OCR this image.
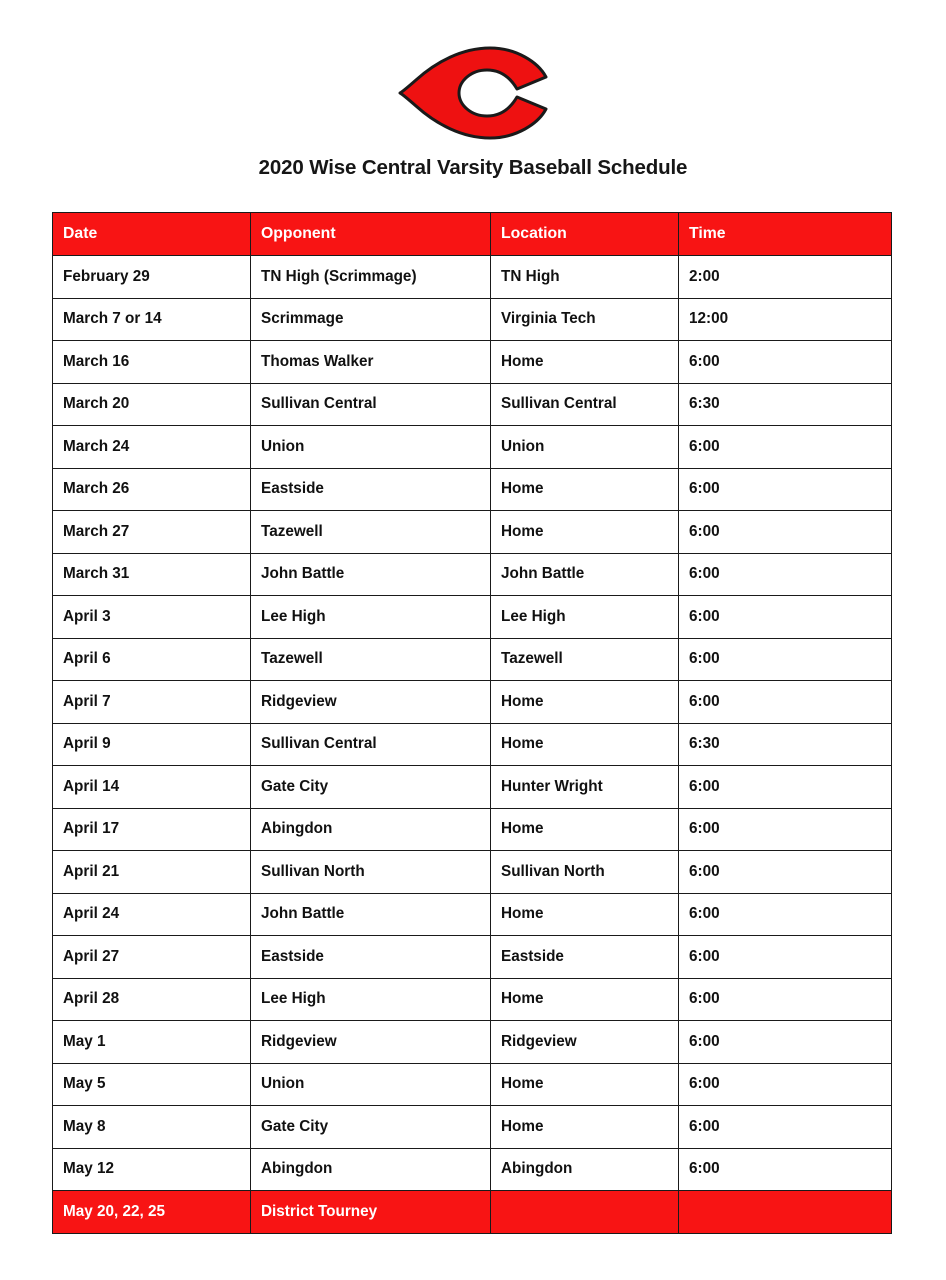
2020 Wise Central Varsity Baseball Schedule
Date	Opponent	Location	Time
February 29	TN High (Scrimmage)	TN High	2:00
March 7 or 14	Scrimmage	Virginia Tech	12:00
March 16	Thomas Walker	Home	6:00
March 20	Sullivan Central	Sullivan Central	6:30
March 24	Union	Union	6:00
March 26	Eastside	Home	6:00
March 27	Tazewell	Home	6:00
March 31	John Battle	John Battle	6:00
April 3	Lee High	Lee High	6:00
April 6	Tazewell	Tazewell	6:00
April 7	Ridgeview	Home	6:00
April 9	Sullivan Central	Home	6:30
April 14	Gate City	Hunter Wright	6:00
April 17	Abingdon	Home	6:00
April 21	Sullivan North	Sullivan North	6:00
April 24	John Battle	Home	6:00
April 27	Eastside	Eastside	6:00
April 28	Lee High	Home	6:00
May 1	Ridgeview	Ridgeview	6:00
May 5	Union	Home	6:00
May 8	Gate City	Home	6:00
May 12	Abingdon	Abingdon	6:00
May 20, 22, 25	District Tourney		
